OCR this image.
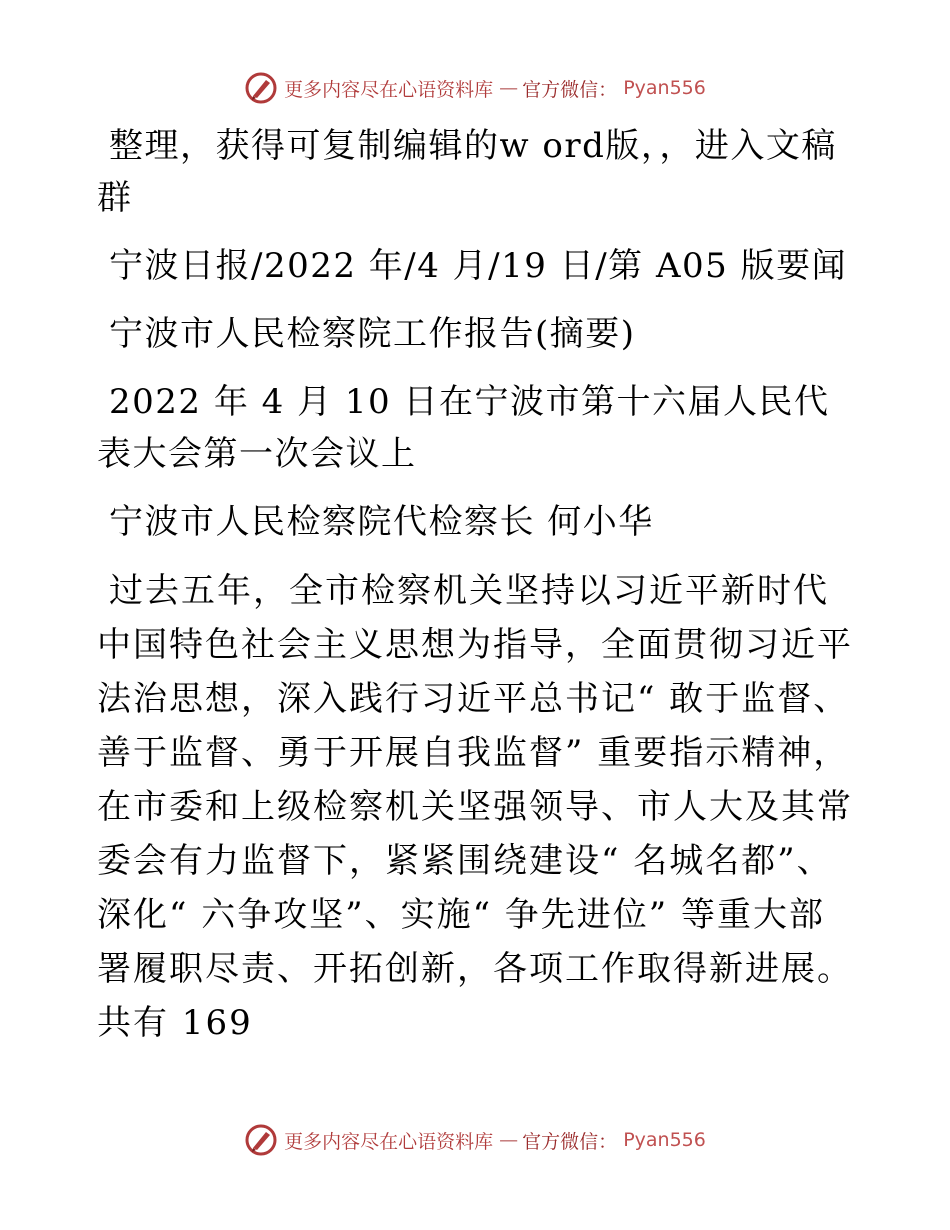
更多内容尽在心语资料库 — 官方微信： Pyan556

整理，获得可复制编辑的w ord版，，进入文稿群

宁波日报/2022 年/4 月/19 日/第 A05 版要闻

宁波市人民检察院工作报告(摘要)

2022 年 4 月 10 日在宁波市第十六届人民代表大会第一次会议上

宁波市人民检察院代检察长 何小华

过去五年，全市检察机关坚持以习近平新时代中国特色社会主义思想为指导，全面贯彻习近平法治思想，深入践行习近平总书记“ 敢于监督、善于监督、勇于开展自我监督” 重要指示精神，在市委和上级检察机关坚强领导、市人大及其常委会有力监督下，紧紧围绕建设“ 名城名都”、深化“ 六争攻坚”、实施“ 争先进位” 等重大部署履职尽责、开拓创新，各项工作取得新进展。共有 169

更多内容尽在心语资料库 — 官方微信： Pyan556
